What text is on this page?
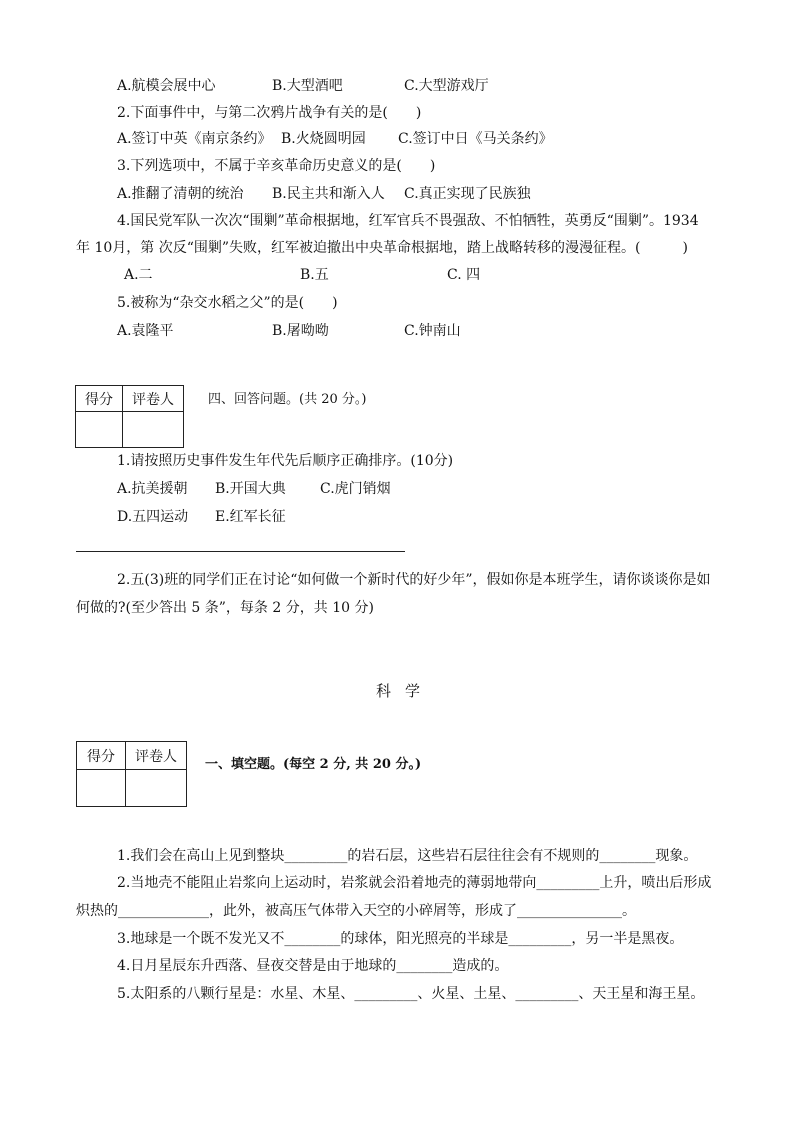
A.航模会展中心	B.大型酒吧	C.大型游戏厅
2.下面事件中，与第二次鸦片战争有关的是(　　)
A.签订中英《南京条约》 B.火烧圆明园 C.签订中日《马关条约》
3.下列选项中，不属于辛亥革命历史意义的是(　　)
A.推翻了清朝的统治 B.民主共和渐入人 C.真正实现了民族独
4.国民党军队一次次“围剿”革命根据地，红军官兵不畏强敌、不怕牺牲，英勇反“围剿”。1934
年 10月，第 次反“围剿”失败，红军被迫撤出中央革命根据地，踏上战略转移的漫漫征程。(　　　)
A.二	B.五	C. 四
5.被称为“杂交水稻之父”的是(　　)
A.袁隆平	B.屠呦呦	C.钟南山
得分	评卷人
		四、回答问题。(共 20 分。)
1.请按照历史事件发生年代先后顺序正确排序。(10分)
A.抗美援朝 B.开国大典 C.虎门销烟
D.五四运动 E.红军长征
2.五(3)班的同学们正在讨论“如何做一个新时代的好少年”，假如你是本班学生，请你谈谈你是如
何做的?(至少答出 5 条”，每条 2 分，共 10 分)
科学
得分	评卷人
	一、填空题。(每空 2 分, 共 20 分。)
1.我们会在高山上见到整块_________的岩石层，这些岩石层往往会有不规则的________现象。
2.当地壳不能阻止岩浆向上运动时，岩浆就会沿着地壳的薄弱地带向_________上升，喷出后形成
炽热的_____________，此外，被高压气体带入天空的小碎屑等，形成了_______________。
3.地球是一个既不发光又不________的球体，阳光照亮的半球是_________，另一半是黑夜。
4.日月星辰东升西落、昼夜交替是由于地球的________造成的。
5.太阳系的八颗行星是：水星、木星、_________、火星、土星、_________、天王星和海王星。
